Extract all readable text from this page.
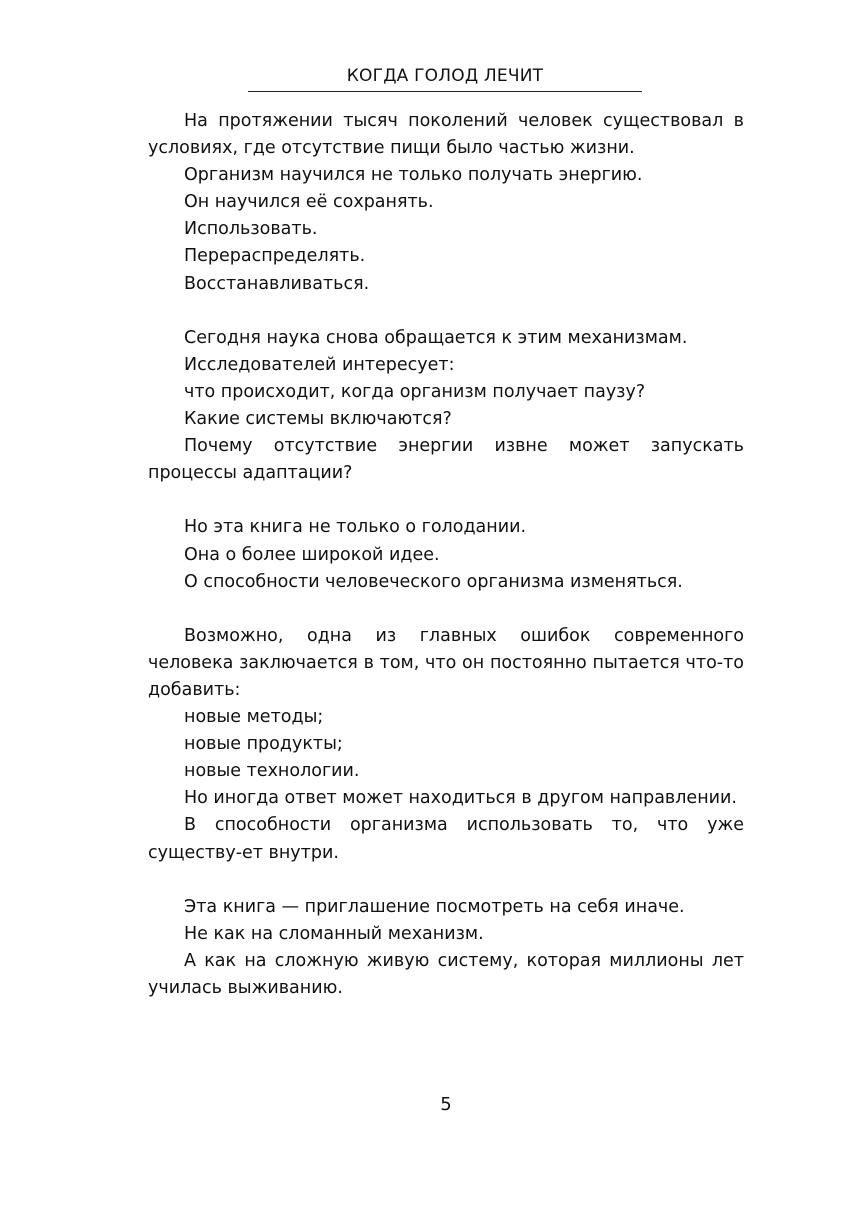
КОГДА ГОЛОД ЛЕЧИТ

На протяжении тысяч поколений человек существовал в условиях, где отсутствие пищи было частью жизни.

Организм научился не только получать энергию.

Он научился её сохранять.

Использовать.

Перераспределять.

Восстанавливаться.

Сегодня наука снова обращается к этим механизмам.

Исследователей интересует:

что происходит, когда организм получает паузу?

Какие системы включаются?

Почему отсутствие энергии извне может запускать процессы адаптации?

Но эта книга не только о голодании.

Она о более широкой идее.

О способности человеческого организма изменяться.

Возможно, одна из главных ошибок современного человека заключается в том, что он постоянно пытается что-то добавить:

новые методы;

новые продукты;

новые технологии.

Но иногда ответ может находиться в другом направлении.

В способности организма использовать то, что уже существу-ет внутри.

Эта книга — приглашение посмотреть на себя иначе.

Не как на сломанный механизм.

А как на сложную живую систему, которая миллионы лет училась выживанию.

5
